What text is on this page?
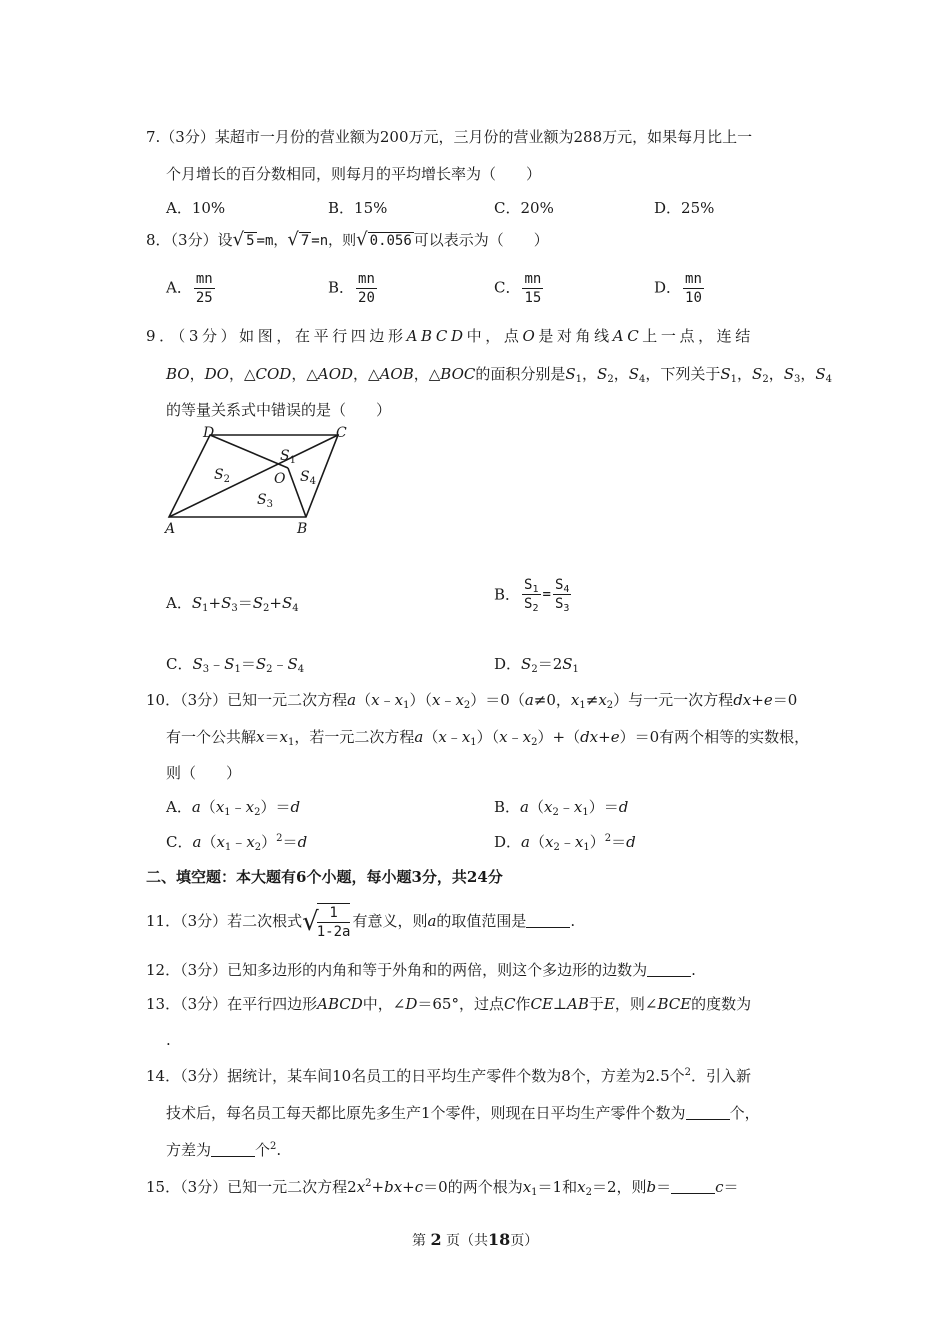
7.（3分）某超市一月份的营业额为200万元，三月份的营业额为288万元，如果每月比上一
个月增长的百分数相同，则每月的平均增长率为（　　）
A．10%	B．15%	C．20%	D．25%
8．（3分）设√ 5 =m，√ 7 =n，则√ 0.056 可以表示为（　　）
A． $\frac{mn}{25}$	B． $\frac{mn}{20}$	C． $\frac{mn}{15}$	D． $\frac{mn}{10}$
9．（3分）如图，在平行四边形ABCD中，点O是对角线AC上一点，连结
BO，DO，△COD，△AOD，△AOB，△BOC的面积分别是$S_1$，$S_2$，$S_4$，下列关于$S_1$，$S_2$，$S_3$，$S_4$
的等量关系式中错误的是（　　）
D	C
A	B
O
$S_1$
$S_2$
$S_3$
$S_4$
A．$S_1+S_3=S_2+S_4$
B． $\frac{S_1}{S_2} = \frac{S_4}{S_3}$
C．$S_3﹣S_1=S_2﹣S_4$	D．$S_2=2S_1$
10．（3分）已知一元二次方程$a(x﹣x_1)(x﹣x_2)=0(a\ne 0$，$x_1\ne x_2$）与一元一次方程dx+e＝0
有一个公共解$x=x_1$，若一元二次方程$a(x﹣x_1)(x﹣x_2)+(dx+e)=0$有两个相等的实数根，
则（　　）
A．$a(x_1﹣x_2)=d$	B．$a(x_2﹣x_1)=d$
C．$a(x_1﹣x_2)^2=d$	D．$a(x_2﹣x_1)^2=d$
二、填空题：本大题有6个小题，每小题3分，共24分
11．（3分）若二次根式√
$\frac{1}{1-2a}$ 有意义，则a的取值范围是	.
12．（3分）已知多边形的内角和等于外角和的两倍，则这个多边形的边数为	.
13．（3分）在平行四边形ABCD中，∠D＝65°，过点C作CE⊥AB于E，则∠BCE的度数为
.
14．（3分）据统计，某车间10名员工的日平均生产零件个数为8个，方差为2.5个$^2$．引入新
技术后，每名员工每天都比原先多生产1个零件，则现在日平均生产零件个数为	个，
方差为	个$^2$.
15．（3分）已知一元二次方程$2x^2+bx+c=0$的两个根为$x_1=1$和$x_2=2$，则b＝	c＝
第 2 页（共18页）
